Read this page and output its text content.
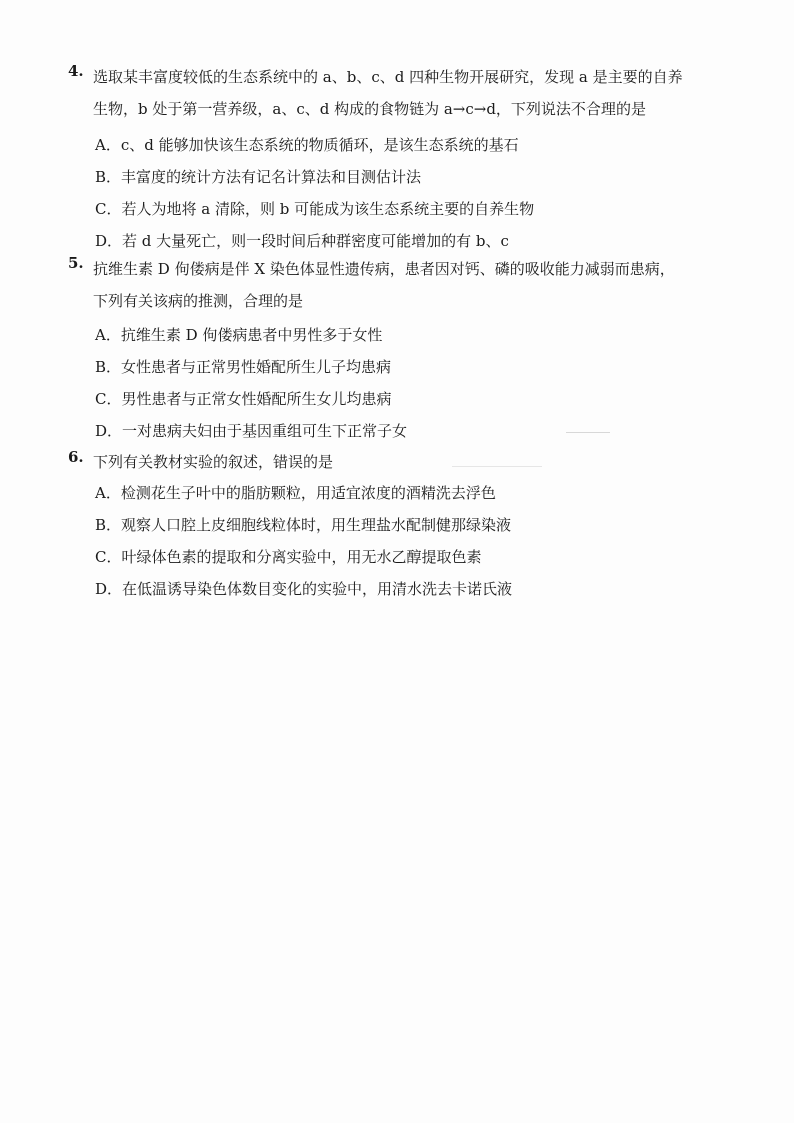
4. 选取某丰富度较低的生态系统中的 a、b、c、d 四种生物开展研究，发现 a 是主要的自养
生物，b 处于第一营养级，a、c、d 构成的食物链为 a→c→d，下列说法不合理的是
A．c、d 能够加快该生态系统的物质循环，是该生态系统的基石
B．丰富度的统计方法有记名计算法和目测估计法
C．若人为地将 a 清除，则 b 可能成为该生态系统主要的自养生物
D．若 d 大量死亡，则一段时间后种群密度可能增加的有 b、c
5. 抗维生素 D 佝偻病是伴 X 染色体显性遗传病，患者因对钙、磷的吸收能力减弱而患病，
下列有关该病的推测，合理的是
A．抗维生素 D 佝偻病患者中男性多于女性
B．女性患者与正常男性婚配所生儿子均患病
C．男性患者与正常女性婚配所生女儿均患病
D．一对患病夫妇由于基因重组可生下正常子女
6. 下列有关教材实验的叙述，错误的是
A．检测花生子叶中的脂肪颗粒，用适宜浓度的酒精洗去浮色
B．观察人口腔上皮细胞线粒体时，用生理盐水配制健那绿染液
C．叶绿体色素的提取和分离实验中，用无水乙醇提取色素
D．在低温诱导染色体数目变化的实验中，用清水洗去卡诺氏液
